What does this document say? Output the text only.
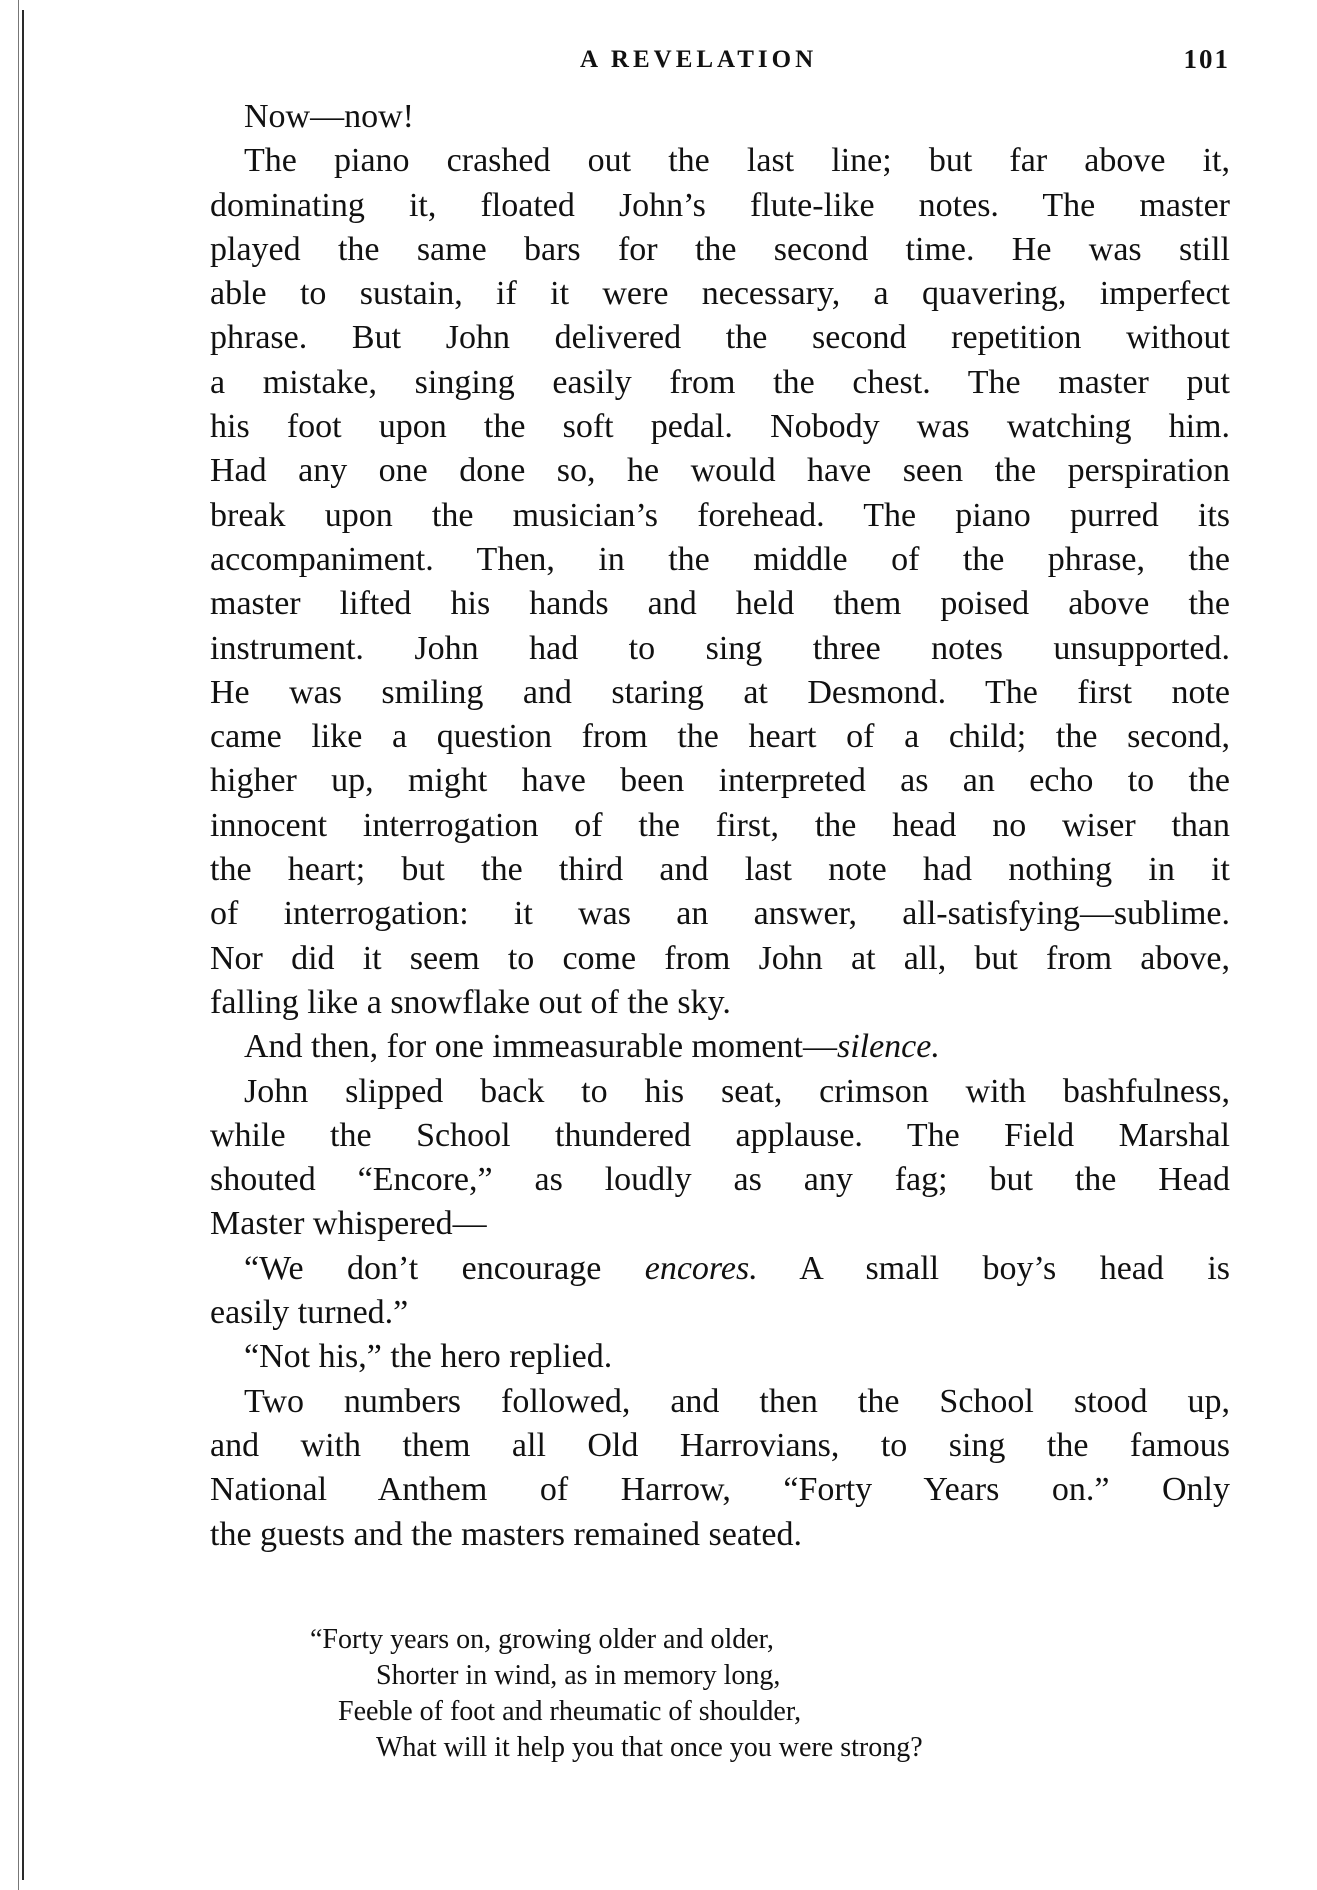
A REVELATION	101
Now—now!
The piano crashed out the last line; but far above it,
dominating it, floated John’s flute-like notes. The master
played the same bars for the second time. He was still
able to sustain, if it were necessary, a quavering, imperfect
phrase. But John delivered the second repetition without
a mistake, singing easily from the chest. The master put
his foot upon the soft pedal. Nobody was watching him.
Had any one done so, he would have seen the perspiration
break upon the musician’s forehead. The piano purred its
accompaniment. Then, in the middle of the phrase, the
master lifted his hands and held them poised above the
instrument. John had to sing three notes unsupported.
He was smiling and staring at Desmond. The first note
came like a question from the heart of a child; the second,
higher up, might have been interpreted as an echo to the
innocent interrogation of the first, the head no wiser than
the heart; but the third and last note had nothing in it
of interrogation: it was an answer, all-satisfying—sublime.
Nor did it seem to come from John at all, but from above,
falling like a snowflake out of the sky.
And then, for one immeasurable moment—silence.
John slipped back to his seat, crimson with bashfulness,
while the School thundered applause. The Field Marshal
shouted “Encore,” as loudly as any fag; but the Head
Master whispered—
“We don’t encourage encores. A small boy’s head is
easily turned.”
“Not his,” the hero replied.
Two numbers followed, and then the School stood up,
and with them all Old Harrovians, to sing the famous
National Anthem of Harrow, “Forty Years on.” Only
the guests and the masters remained seated.
“Forty years on, growing older and older,
Shorter in wind, as in memory long,
Feeble of foot and rheumatic of shoulder,
What will it help you that once you were strong?
